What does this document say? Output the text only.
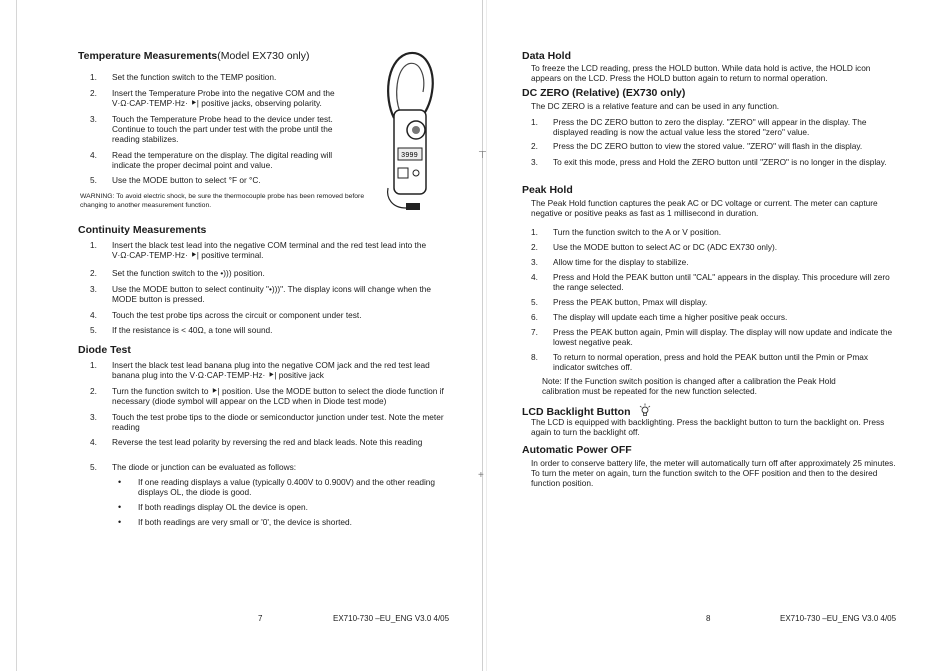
⊤
+
Temperature Measurements(Model EX730 only)
1.	Set the function switch to the TEMP position.
2.	Insert the Temperature Probe into the negative COM and the V·Ω·CAP·TEMP·Hz· ⯈| positive jacks, observing polarity.
3.	Touch the Temperature Probe head to the device under test. Continue to touch the part under test with the probe until the reading stabilizes.
4.	Read the temperature on the display. The digital reading will indicate the proper decimal point and value.
5.	Use the MODE button to select °F or °C.
WARNING: To avoid electric shock, be sure the thermocouple probe has been removed before changing to another measurement function.
3999
Continuity Measurements
1.	Insert the black test lead into the negative COM terminal and the red test lead into the V·Ω·CAP·TEMP·Hz· ⯈| positive terminal.
2.	Set the function switch to the •))) position.
3.	Use the MODE button to select continuity "•)))". The display icons will change when the MODE button is pressed.
4.	Touch the test probe tips across the circuit or component under test.
5.	If the resistance is < 40Ω, a tone will sound.
Diode Test
1.	Insert the black test lead banana plug into the negative COM jack and the red test lead banana plug into the V·Ω·CAP·TEMP·Hz· ⯈| positive jack
2.	Turn the function switch to ⯈| position. Use the MODE button to select the diode function if necessary (diode symbol will appear on the LCD when in Diode test mode)
3.	Touch the test probe tips to the diode or semiconductor junction under test. Note the meter reading
4.	Reverse the test lead polarity by reversing the red and black leads. Note this reading
5.	The diode or junction can be evaluated as follows:
•	If one reading displays a value (typically 0.400V to 0.900V) and the other reading displays OL, the diode is good.
•	If both readings display OL the device is open.
•	If both readings are very small or '0', the device is shorted.
7	EX710-730 –EU_ENG V3.0 4/05
Data Hold
To freeze the LCD reading, press the HOLD button. While data hold is active, the HOLD icon appears on the LCD. Press the HOLD button again to return to normal operation.
DC ZERO (Relative) (EX730 only)
The DC ZERO is a relative feature and can be used in any function.
1.	Press the DC ZERO button to zero the display. "ZERO" will appear in the display. The displayed reading is now the actual value less the stored "zero" value.
2.	Press the DC ZERO button to view the stored value. "ZERO" will flash in the display.
3.	To exit this mode, press and Hold the ZERO button until "ZERO" is no longer in the display.
Peak Hold
The Peak Hold function captures the peak AC or DC voltage or current. The meter can capture negative or positive peaks as fast as 1 millisecond in duration.
1.	Turn the function switch to the A or V position.
2.	Use the MODE button to select AC or DC (ADC EX730 only).
3.	Allow time for the display to stabilize.
4.	Press and Hold the PEAK button until "CAL" appears in the display. This procedure will zero the range selected.
5.	Press the PEAK button, Pmax will display.
6.	The display will update each time a higher positive peak occurs.
7.	Press the PEAK button again, Pmin will display. The display will now update and indicate the lowest negative peak.
8.	To return to normal operation, press and hold the PEAK button until the Pmin or Pmax indicator switches off.
Note: If the Function switch position is changed after a calibration the Peak Hold calibration must be repeated for the new function selected.
LCD Backlight Button
The LCD is equipped with backlighting. Press the backlight button to turn the backlight on. Press again to turn the backlight off.
Automatic Power OFF
In order to conserve battery life, the meter will automatically turn off after approximately 25 minutes. To turn the meter on again, turn the function switch to the OFF position and then to the desired function position.
8	EX710-730 –EU_ENG V3.0 4/05
